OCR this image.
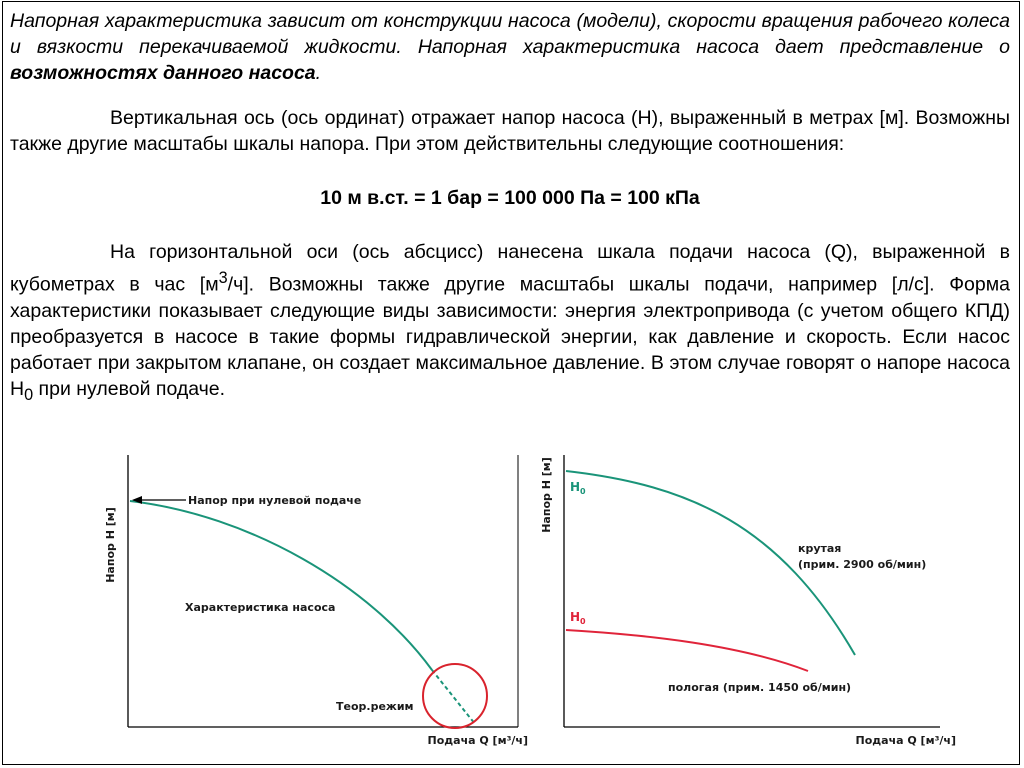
Напорная характеристика зависит от конструкции насоса (модели), скорости вращения рабочего колеса и вязкости перекачиваемой жидкости. Напорная характеристика насоса дает представление о возможностях данного насоса.
Вертикальная ось (ось ординат) отражает напор насоса (H), выраженный в метрах [м]. Возможны также другие масштабы шкалы напора. При этом действительны следующие соотношения:
10 м в.ст. = 1 бар = 100 000 Па = 100 кПа
На горизонтальной оси (ось абсцисс) нанесена шкала подачи насоса (Q), выраженной в кубометрах в час $[м^3/ч]$. Возможны также другие масштабы шкалы подачи, например [л/с]. Форма характеристики показывает следующие виды зависимости: энергия электропривода (с учетом общего КПД) преобразуется в насосе в такие формы гидравлической энергии, как давление и скорость. Если насос работает при закрытом клапане, он создает максимальное давление. В этом случае говорят о напоре насоса $H_0$ при нулевой подаче.
Напор H [м]
Подача Q [м³/ч]
Напор при нулевой подаче
Характеристика насоса
Теор.режим
Напор H [м]
Подача Q [м³/ч]
$H_0$
$H_0$
крутая
(прим. 2900 об/мин)
пологая (прим. 1450 об/мин)
